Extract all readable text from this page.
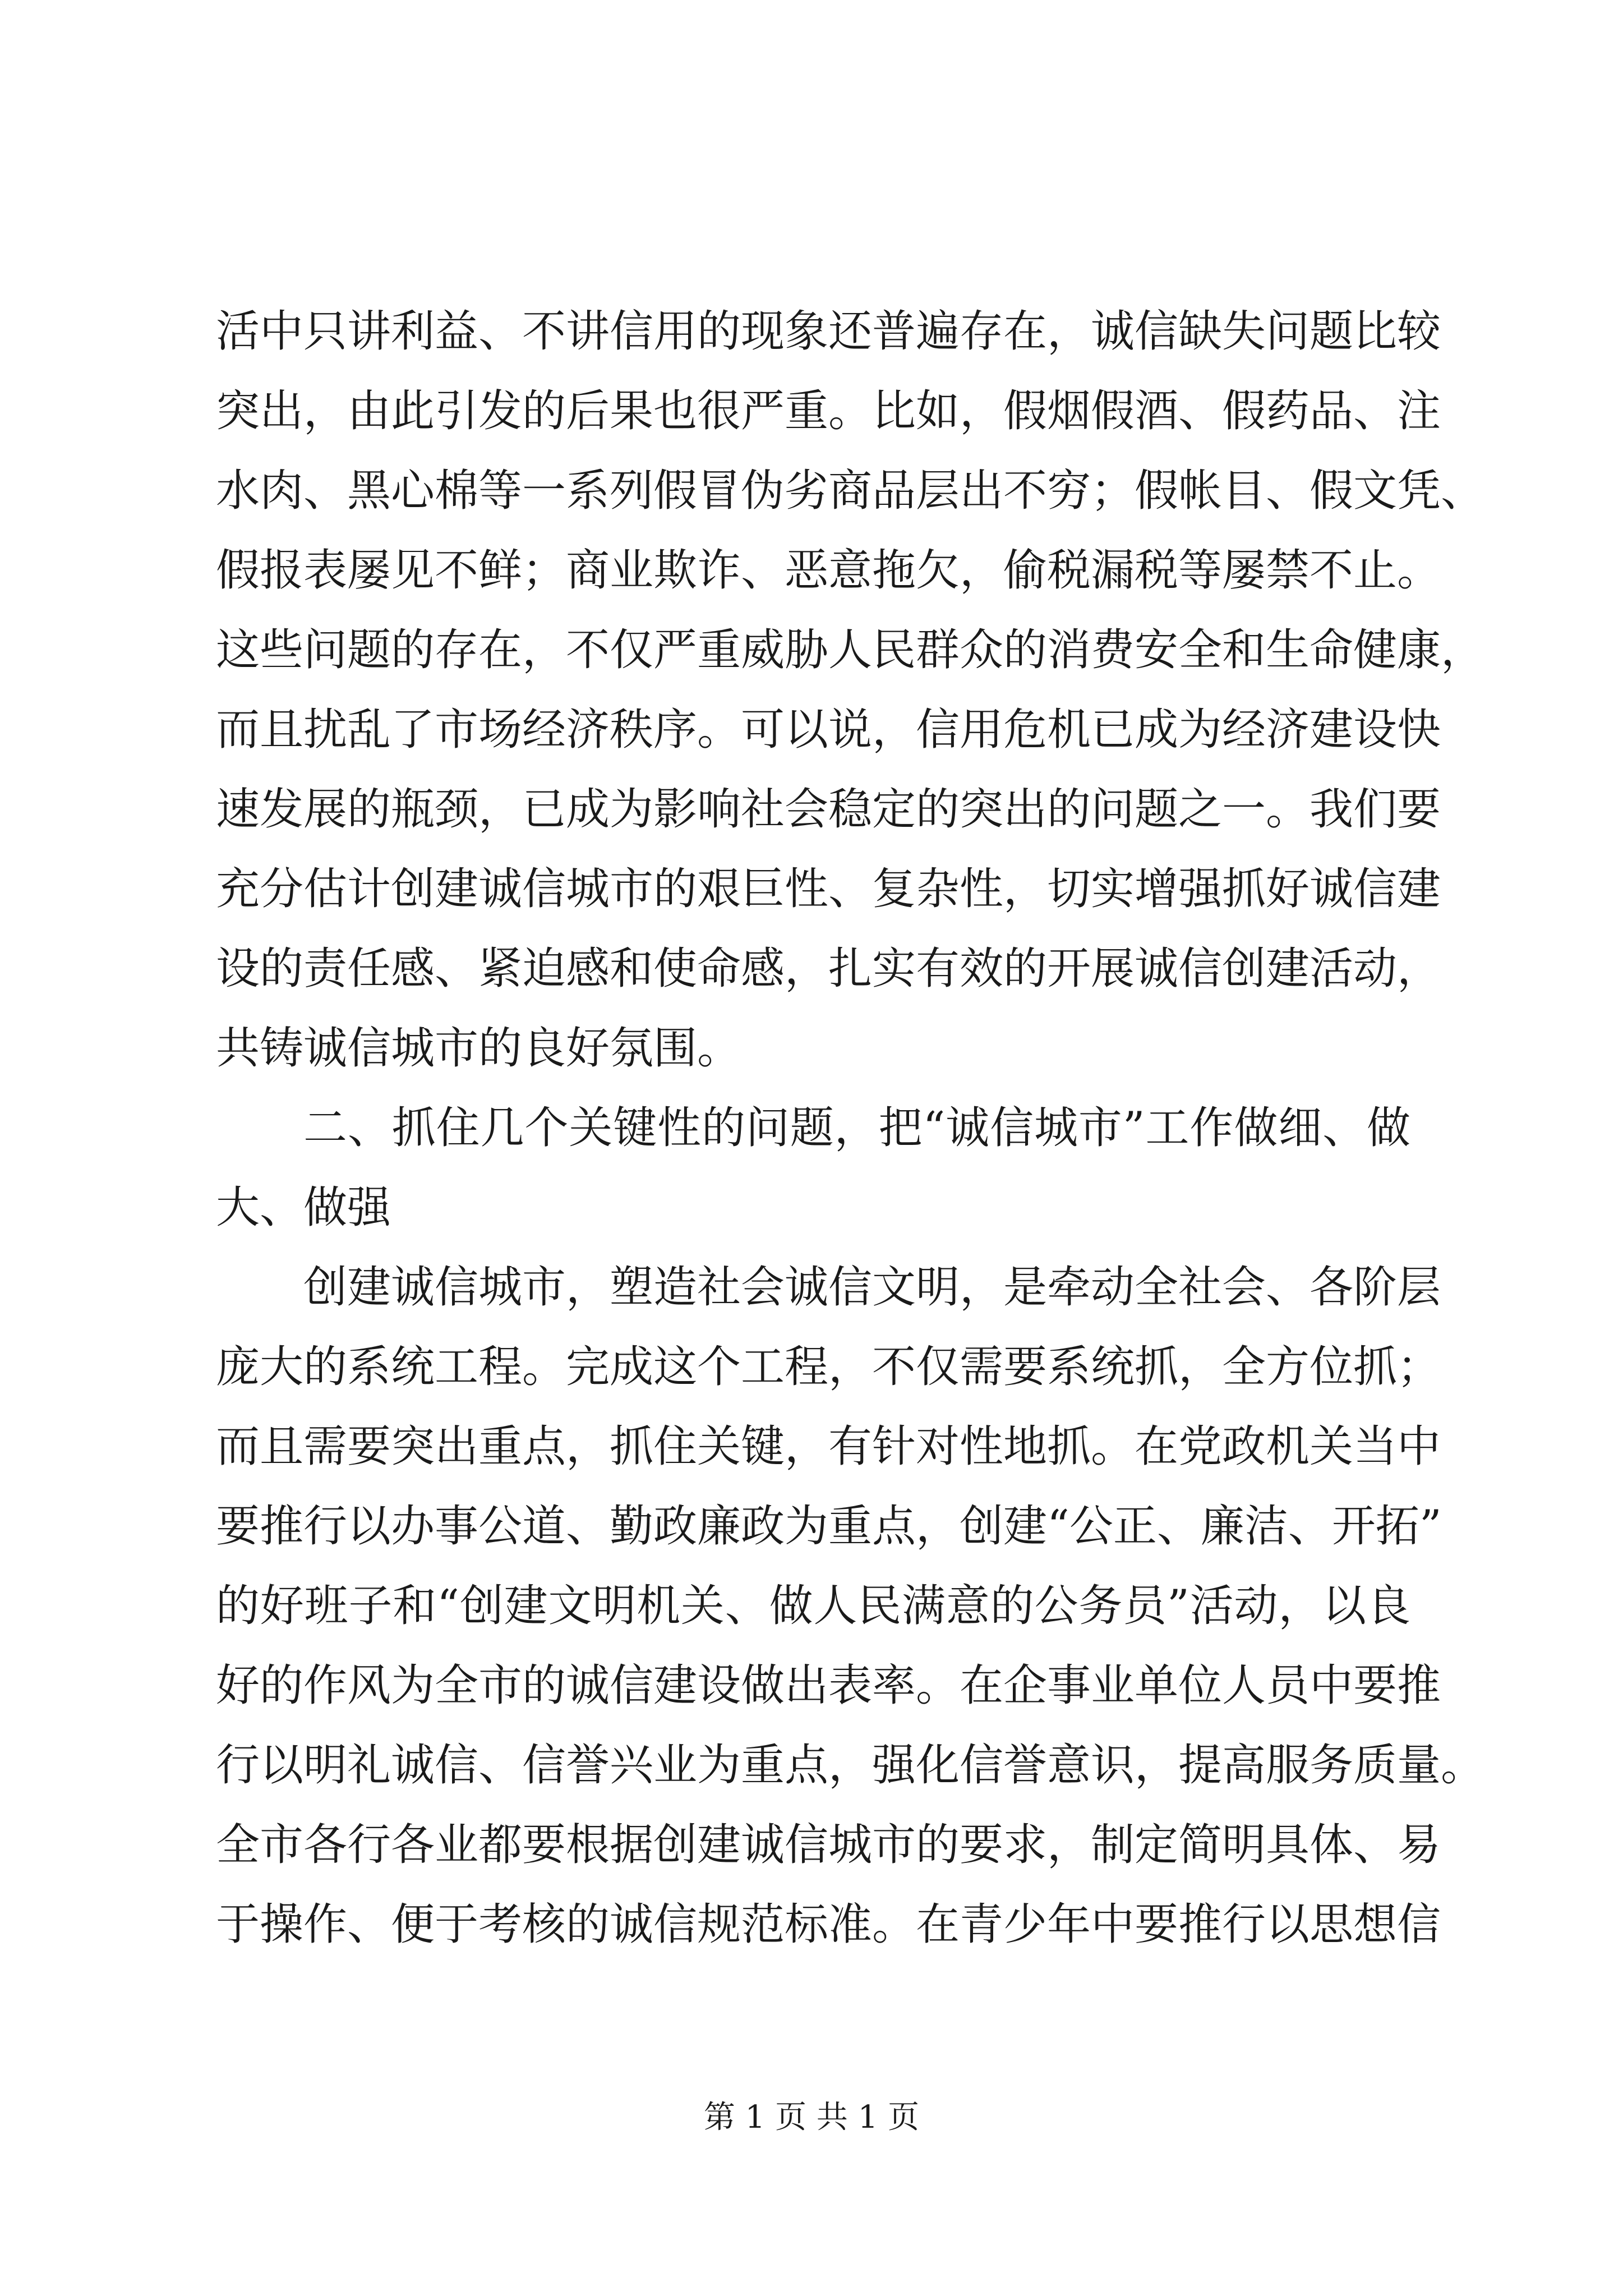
活中只讲利益、不讲信用的现象还普遍存在，诚信缺失问题比较
突出，由此引发的后果也很严重。比如，假烟假酒、假药品、注
水肉、黑心棉等一系列假冒伪劣商品层出不穷；假帐目、假文凭、
假报表屡见不鲜；商业欺诈、恶意拖欠，偷税漏税等屡禁不止。
这些问题的存在，不仅严重威胁人民群众的消费安全和生命健康，
而且扰乱了市场经济秩序。可以说，信用危机已成为经济建设快
速发展的瓶颈，已成为影响社会稳定的突出的问题之一。我们要
充分估计创建诚信城市的艰巨性、复杂性，切实增强抓好诚信建
设的责任感、紧迫感和使命感，扎实有效的开展诚信创建活动，
共铸诚信城市的良好氛围。
二、抓住几个关键性的问题，把“诚信城市”工作做细、做
大、做强
创建诚信城市，塑造社会诚信文明，是牵动全社会、各阶层
庞大的系统工程。完成这个工程，不仅需要系统抓，全方位抓；
而且需要突出重点，抓住关键，有针对性地抓。在党政机关当中
要推行以办事公道、勤政廉政为重点，创建“公正、廉洁、开拓”
的好班子和“创建文明机关、做人民满意的公务员”活动，以良
好的作风为全市的诚信建设做出表率。在企事业单位人员中要推
行以明礼诚信、信誉兴业为重点，强化信誉意识，提高服务质量。
全市各行各业都要根据创建诚信城市的要求，制定简明具体、易
于操作、便于考核的诚信规范标准。在青少年中要推行以思想信
第 1 页 共 1 页
